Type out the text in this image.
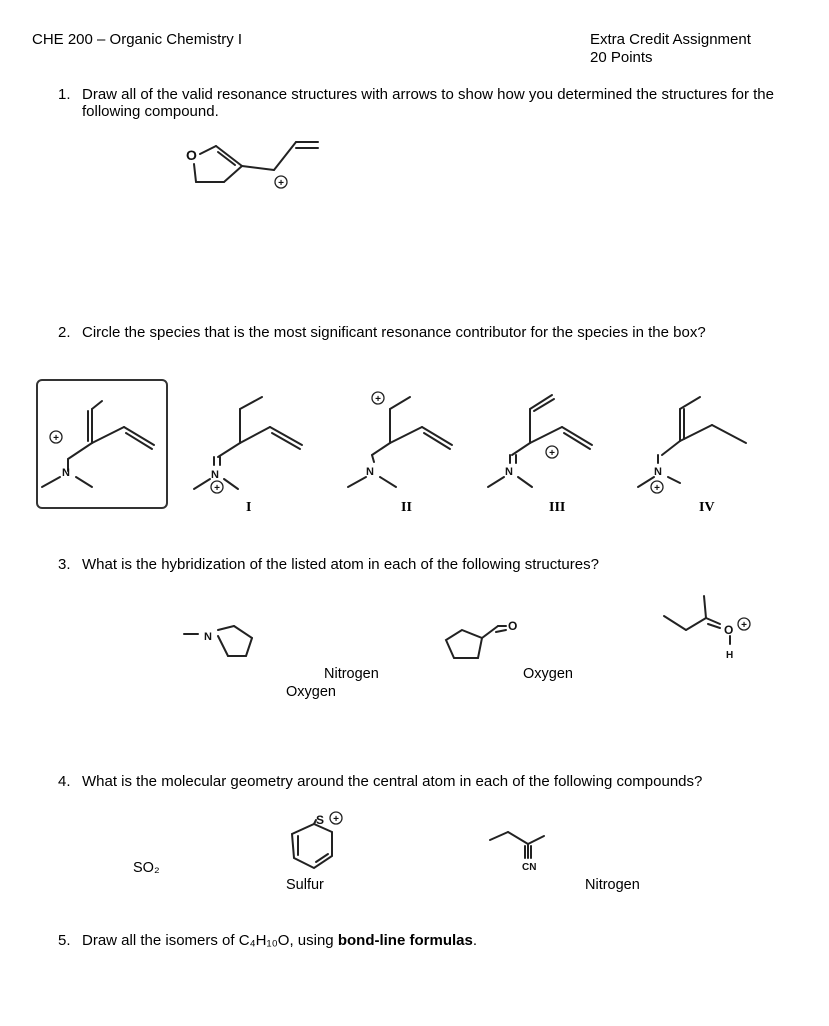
CHE 200 – Organic Chemistry I	Extra Credit Assignment
20 Points
1. Draw all of the valid resonance structures with arrows to show how you determined the structures for the
following compound.
O
+
2. Circle the species that is the most significant resonance contributor for the species in the box?
N
+
N
+
I
N
+
II
N
+
III
N
+
IV
3. What is the hybridization of the listed atom in each of the following structures?
N
Nitrogen
Oxygen
O
Oxygen
O
H
+
4. What is the molecular geometry around the central atom in each of the following compounds?
SO₂
S +
Sulfur
CN
Nitrogen
5. Draw all the isomers of C₄H₁₀O, using bond-line formulas.
